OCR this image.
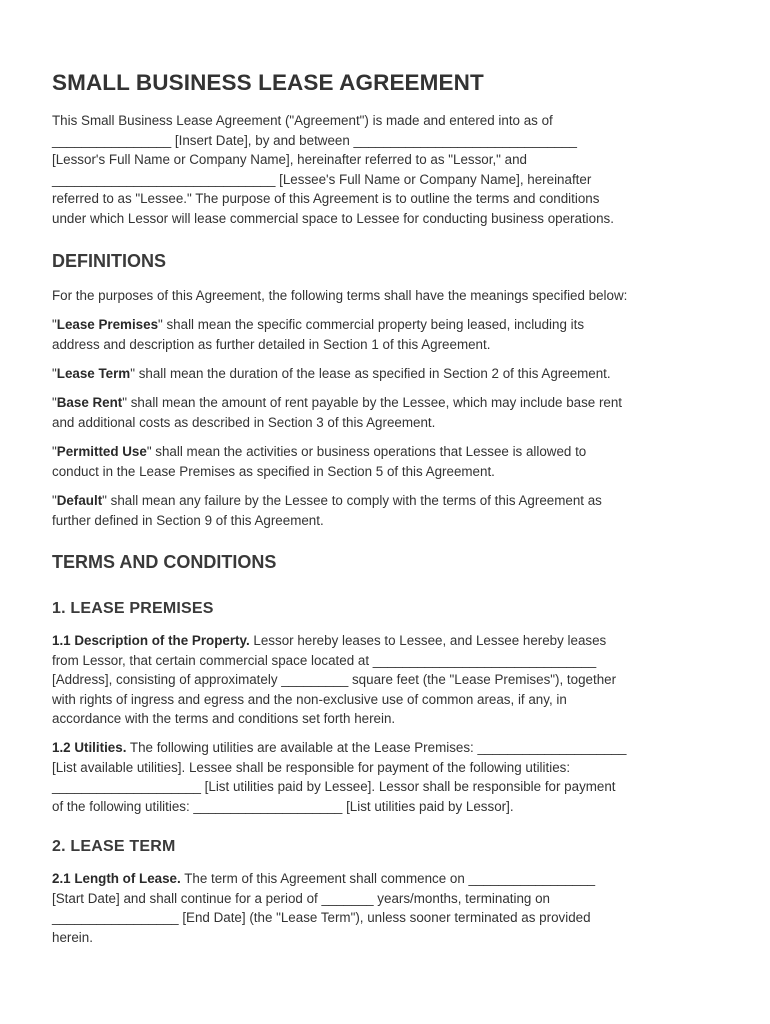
SMALL BUSINESS LEASE AGREEMENT

This Small Business Lease Agreement ("Agreement") is made and entered into as of
________________ [Insert Date], by and between ______________________________
[Lessor's Full Name or Company Name], hereinafter referred to as "Lessor," and
______________________________ [Lessee's Full Name or Company Name], hereinafter
referred to as "Lessee." The purpose of this Agreement is to outline the terms and conditions
under which Lessor will lease commercial space to Lessee for conducting business operations.

DEFINITIONS

For the purposes of this Agreement, the following terms shall have the meanings specified below:

"Lease Premises" shall mean the specific commercial property being leased, including its
address and description as further detailed in Section 1 of this Agreement.

"Lease Term" shall mean the duration of the lease as specified in Section 2 of this Agreement.

"Base Rent" shall mean the amount of rent payable by the Lessee, which may include base rent
and additional costs as described in Section 3 of this Agreement.

"Permitted Use" shall mean the activities or business operations that Lessee is allowed to
conduct in the Lease Premises as specified in Section 5 of this Agreement.

"Default" shall mean any failure by the Lessee to comply with the terms of this Agreement as
further defined in Section 9 of this Agreement.

TERMS AND CONDITIONS
1. LEASE PREMISES

1.1 Description of the Property. Lessor hereby leases to Lessee, and Lessee hereby leases
from Lessor, that certain commercial space located at ______________________________
[Address], consisting of approximately _________ square feet (the "Lease Premises"), together
with rights of ingress and egress and the non-exclusive use of common areas, if any, in
accordance with the terms and conditions set forth herein.

1.2 Utilities. The following utilities are available at the Lease Premises: ____________________
[List available utilities]. Lessee shall be responsible for payment of the following utilities:
____________________ [List utilities paid by Lessee]. Lessor shall be responsible for payment
of the following utilities: ____________________ [List utilities paid by Lessor].

2. LEASE TERM

2.1 Length of Lease. The term of this Agreement shall commence on _________________
[Start Date] and shall continue for a period of _______ years/months, terminating on
_________________ [End Date] (the "Lease Term"), unless sooner terminated as provided
herein.
